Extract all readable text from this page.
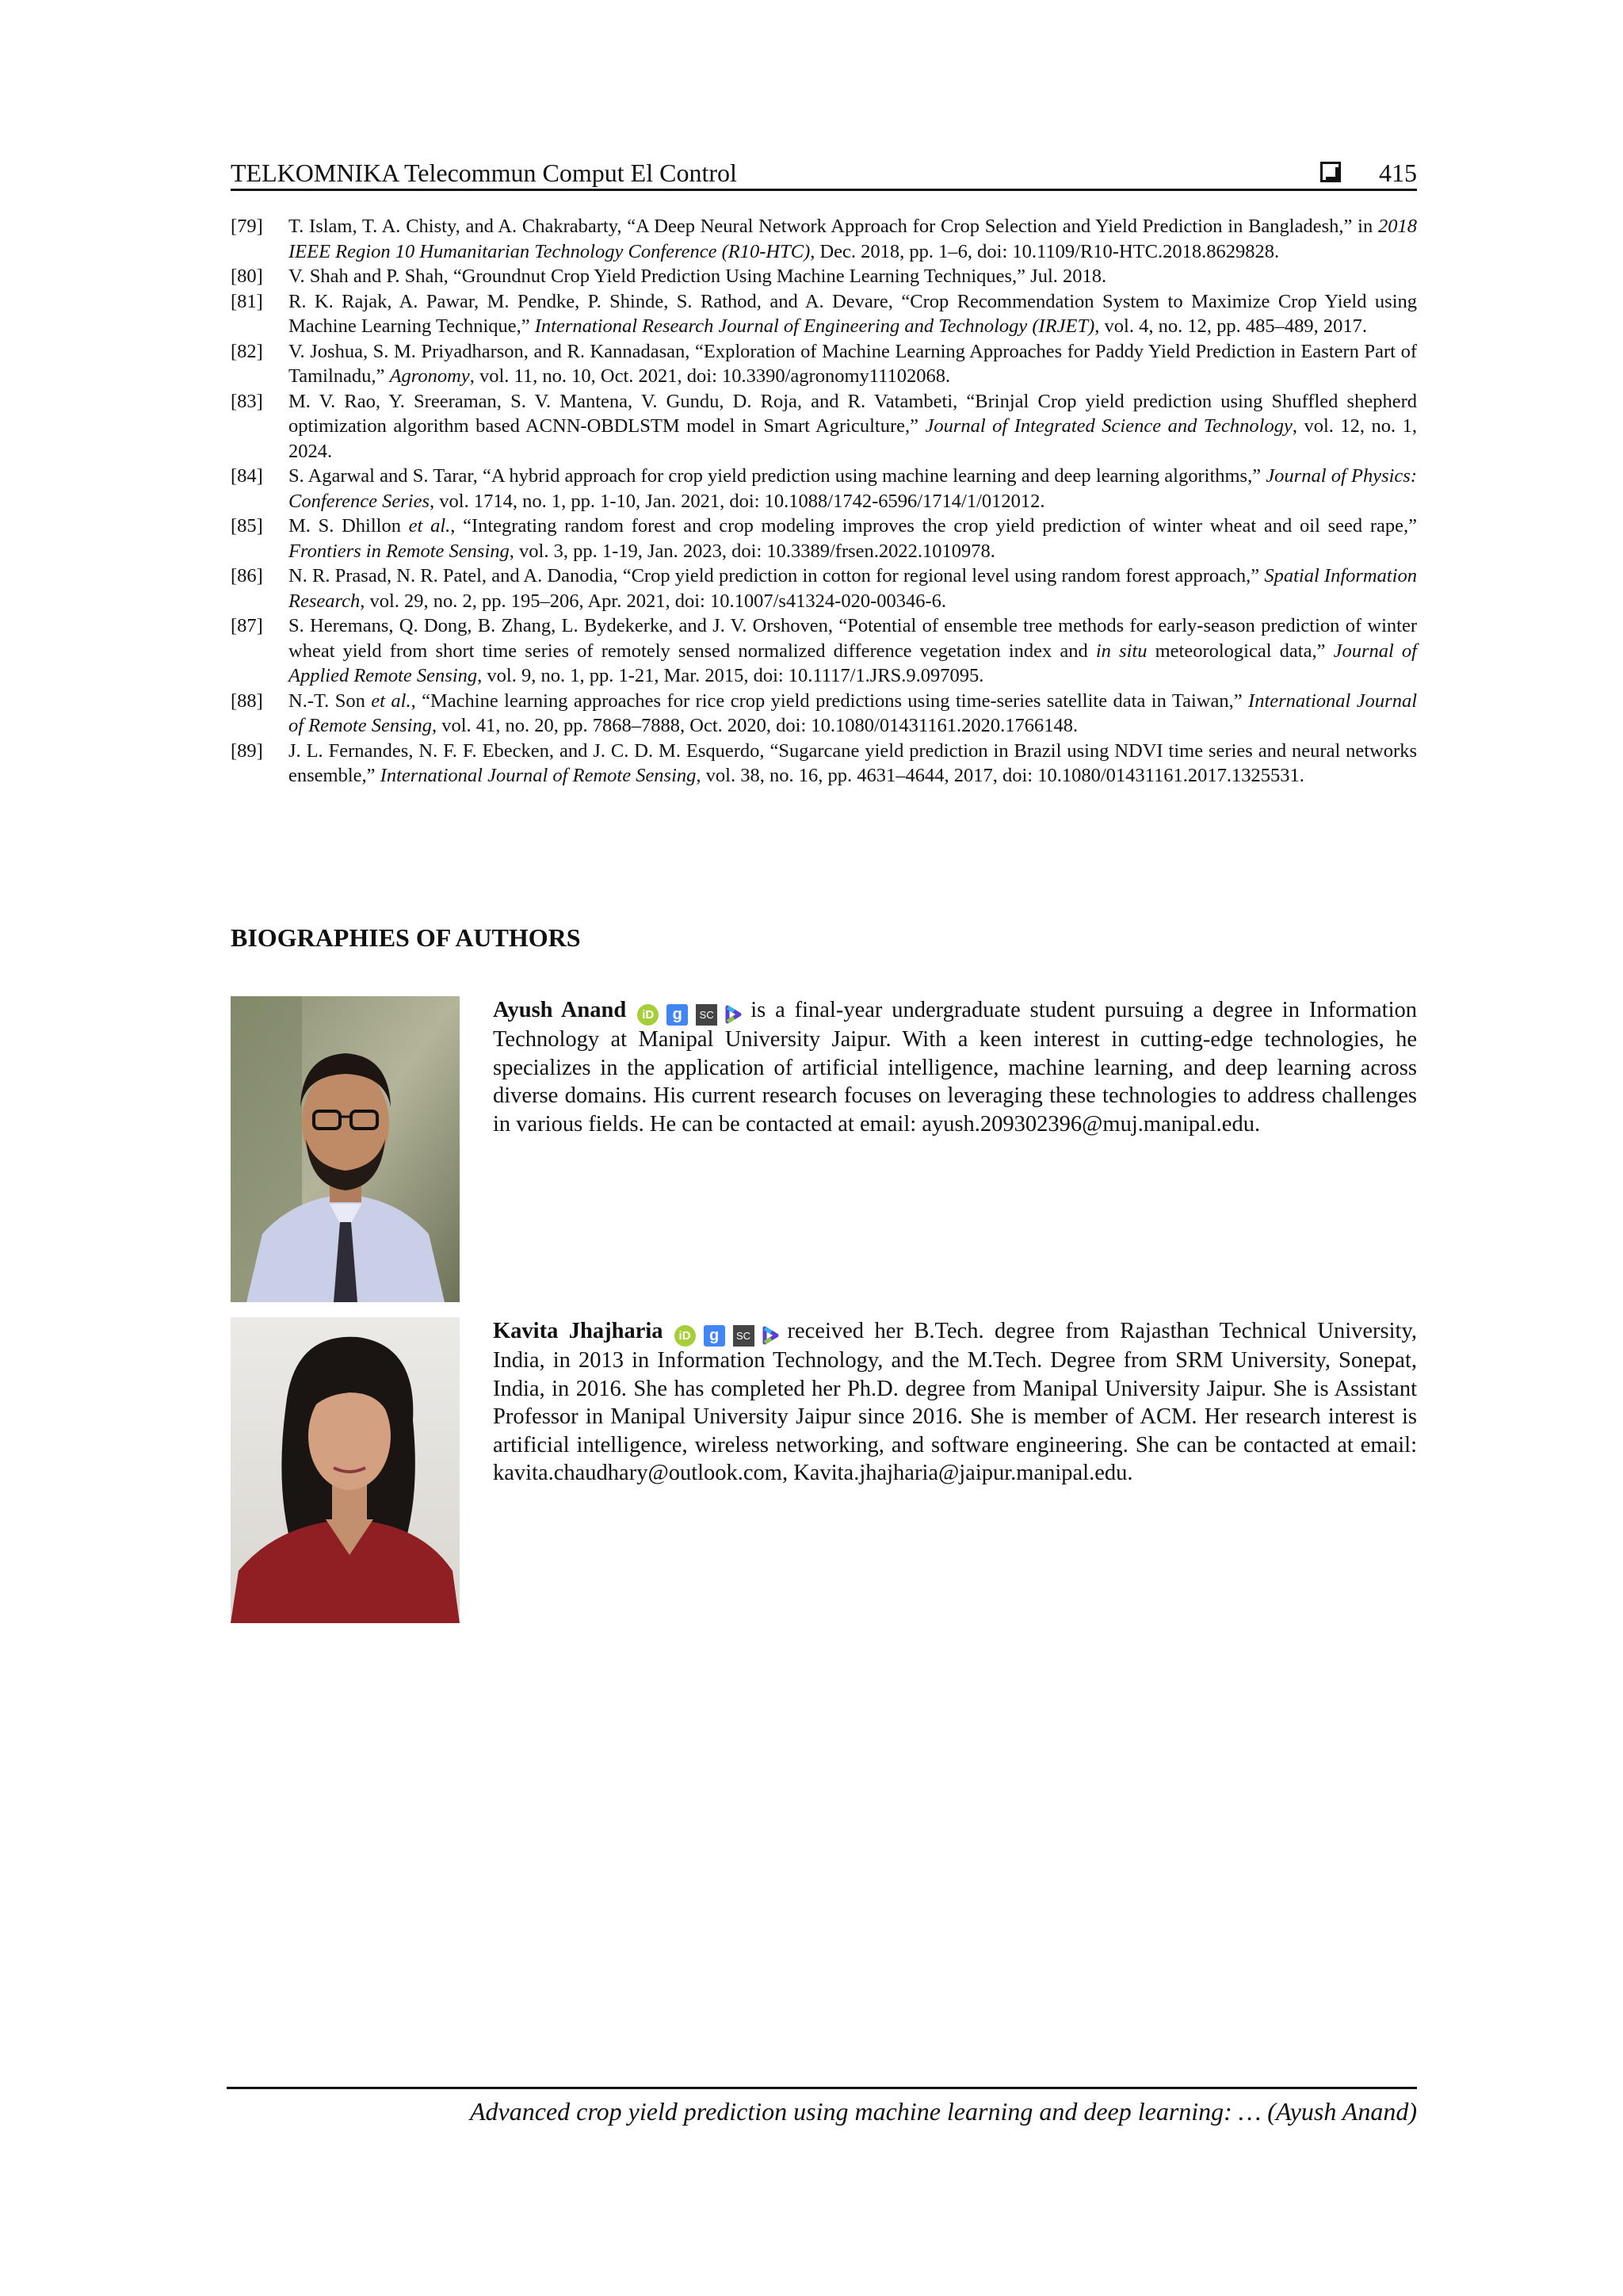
TELKOMNIKA Telecommun Comput El Control	415
[79]	T. Islam, T. A. Chisty, and A. Chakrabarty, “A Deep Neural Network Approach for Crop Selection and Yield Prediction in Bangladesh,” in 2018 IEEE Region 10 Humanitarian Technology Conference (R10-HTC), Dec. 2018, pp. 1–6, doi: 10.1109/R10-HTC.2018.8629828.
[80]	V. Shah and P. Shah, “Groundnut Crop Yield Prediction Using Machine Learning Techniques,” Jul. 2018.
[81]	R. K. Rajak, A. Pawar, M. Pendke, P. Shinde, S. Rathod, and A. Devare, “Crop Recommendation System to Maximize Crop Yield using Machine Learning Technique,” International Research Journal of Engineering and Technology (IRJET), vol. 4, no. 12, pp. 485–489, 2017.
[82]	V. Joshua, S. M. Priyadharson, and R. Kannadasan, “Exploration of Machine Learning Approaches for Paddy Yield Prediction in Eastern Part of Tamilnadu,” Agronomy, vol. 11, no. 10, Oct. 2021, doi: 10.3390/agronomy11102068.
[83]	M. V. Rao, Y. Sreeraman, S. V. Mantena, V. Gundu, D. Roja, and R. Vatambeti, “Brinjal Crop yield prediction using Shuffled shepherd optimization algorithm based ACNN-OBDLSTM model in Smart Agriculture,” Journal of Integrated Science and Technology, vol. 12, no. 1, 2024.
[84]	S. Agarwal and S. Tarar, “A hybrid approach for crop yield prediction using machine learning and deep learning algorithms,” Journal of Physics: Conference Series, vol. 1714, no. 1, pp. 1-10, Jan. 2021, doi: 10.1088/1742-6596/1714/1/012012.
[85]	M. S. Dhillon et al., “Integrating random forest and crop modeling improves the crop yield prediction of winter wheat and oil seed rape,” Frontiers in Remote Sensing, vol. 3, pp. 1-19, Jan. 2023, doi: 10.3389/frsen.2022.1010978.
[86]	N. R. Prasad, N. R. Patel, and A. Danodia, “Crop yield prediction in cotton for regional level using random forest approach,” Spatial Information Research, vol. 29, no. 2, pp. 195–206, Apr. 2021, doi: 10.1007/s41324-020-00346-6.
[87]	S. Heremans, Q. Dong, B. Zhang, L. Bydekerke, and J. V. Orshoven, “Potential of ensemble tree methods for early-season prediction of winter wheat yield from short time series of remotely sensed normalized difference vegetation index and in situ meteorological data,” Journal of Applied Remote Sensing, vol. 9, no. 1, pp. 1-21, Mar. 2015, doi: 10.1117/1.JRS.9.097095.
[88]	N.-T. Son et al., “Machine learning approaches for rice crop yield predictions using time-series satellite data in Taiwan,” International Journal of Remote Sensing, vol. 41, no. 20, pp. 7868–7888, Oct. 2020, doi: 10.1080/01431161.2020.1766148.
[89]	J. L. Fernandes, N. F. F. Ebecken, and J. C. D. M. Esquerdo, “Sugarcane yield prediction in Brazil using NDVI time series and neural networks ensemble,” International Journal of Remote Sensing, vol. 38, no. 16, pp. 4631–4644, 2017, doi: 10.1080/01431161.2017.1325531.
BIOGRAPHIES OF AUTHORS
Ayush Anand	iD	g	SC is a final-year undergraduate student pursuing a degree in Information Technology at Manipal University Jaipur. With a keen interest in cutting-edge technologies, he specializes in the application of artificial intelligence, machine learning, and deep learning across diverse domains. His current research focuses on leveraging these technologies to address challenges in various fields. He can be contacted at email: ayush.209302396@muj.manipal.edu.
Kavita Jhajharia	iD	g	SC received her B.Tech. degree from Rajasthan Technical University, India, in 2013 in Information Technology, and the M.Tech. Degree from SRM University, Sonepat, India, in 2016. She has completed her Ph.D. degree from Manipal University Jaipur. She is Assistant Professor in Manipal University Jaipur since 2016. She is member of ACM. Her research interest is artificial intelligence, wireless networking, and software engineering. She can be contacted at email: kavita.chaudhary@outlook.com, Kavita.jhajharia@jaipur.manipal.edu.
Advanced crop yield prediction using machine learning and deep learning: … (Ayush Anand)
